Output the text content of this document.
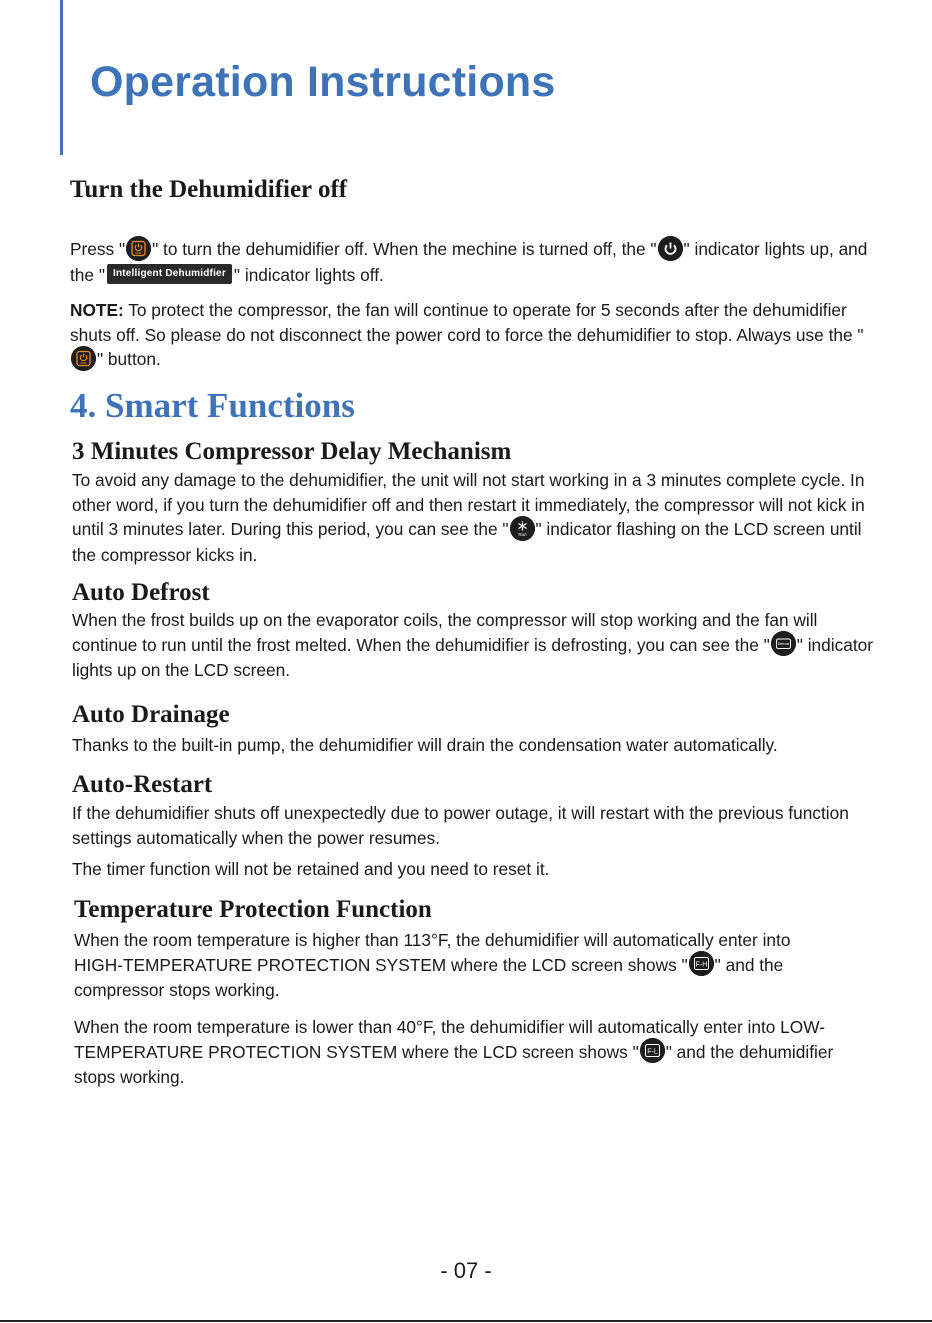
Operation Instructions
Turn the Dehumidifier off

Press " " to turn the dehumidifier off. When the mechine is turned off, the " " indicator lights up, and the " Intelligent Dehumidfier " indicator lights off.

NOTE: To protect the compressor, the fan will continue to operate for 5 seconds after the dehumidifier shuts off. So please do not disconnect the power cord to force the dehumidifier to stop. Always use the "
" button.

4. Smart Functions
3 Minutes Compressor Delay Mechanism

To avoid any damage to the dehumidifier, the unit will not start working in a 3 minutes complete cycle. In other word, if you turn the dehumidifier off and then restart it immediately, the compressor will not kick in until 3 minutes later. During this period, you can see the " Run " indicator flashing on the LCD screen until the compressor kicks in.

Auto Defrost

When the frost builds up on the evaporator coils, the compressor will stop working and the fan will continue to run until the frost melted. When the dehumidifier is defrosting, you can see the " Defrost " indicator lights up on the LCD screen.

Auto Drainage

Thanks to the built-in pump, the dehumidifier will drain the condensation water automatically.

Auto-Restart

If the dehumidifier shuts off unexpectedly due to power outage, it will restart with the previous function settings automatically when the power resumes.

The timer function will not be retained and you need to reset it.

Temperature Protection Function

When the room temperature is higher than 113°F, the dehumidifier will automatically enter into HIGH-TEMPERATURE PROTECTION SYSTEM where the LCD screen shows " F-H " and the compressor stops working.

When the room temperature is lower than 40°F, the dehumidifier will automatically enter into LOW-TEMPERATURE PROTECTION SYSTEM where the LCD screen shows " F-L " and the dehumidifier stops working.

- 07 -
